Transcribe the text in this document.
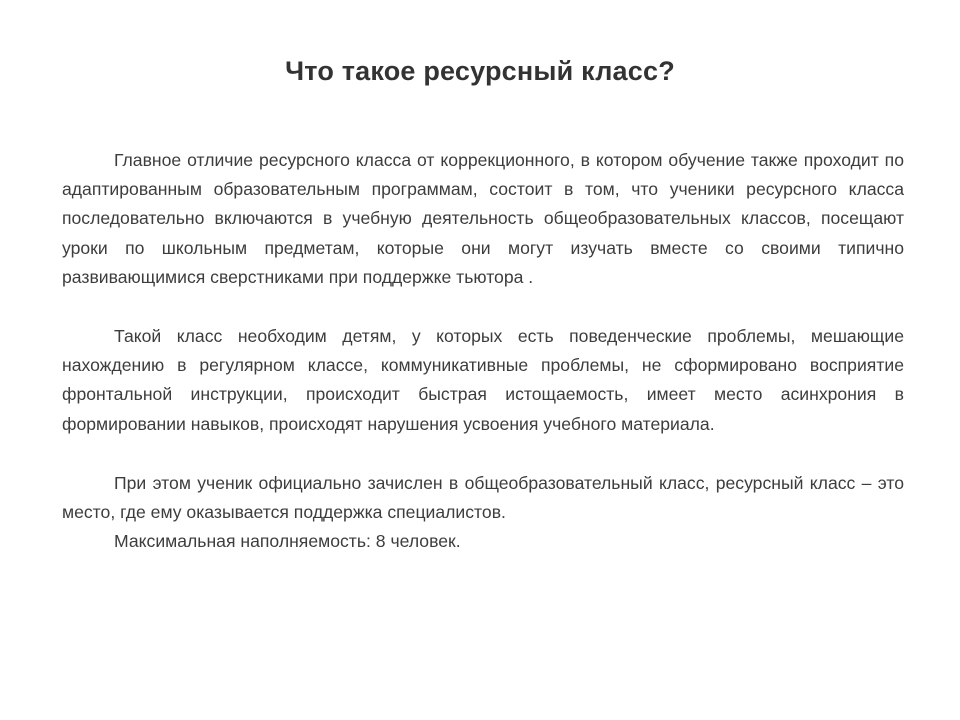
Что такое ресурсный класс?

Главное отличие ресурсного класса от коррекционного, в котором обучение также проходит по адаптированным образовательным программам, состоит в том, что ученики ресурсного класса последовательно включаются в учебную деятельность общеобразовательных классов, посещают уроки по школьным предметам, которые они могут изучать вместе со своими типично развивающимися сверстниками при поддержке тьютора .

Такой класс необходим детям, у которых есть поведенческие проблемы, мешающие нахождению в регулярном классе, коммуникативные проблемы, не сформировано восприятие фронтальной инструкции, происходит быстрая истощаемость, имеет место асинхрония в формировании навыков, происходят нарушения усвоения учебного материала.

При этом ученик официально зачислен в общеобразовательный класс, ресурсный класс – это место, где ему оказывается поддержка специалистов.

Максимальная наполняемость: 8 человек.
